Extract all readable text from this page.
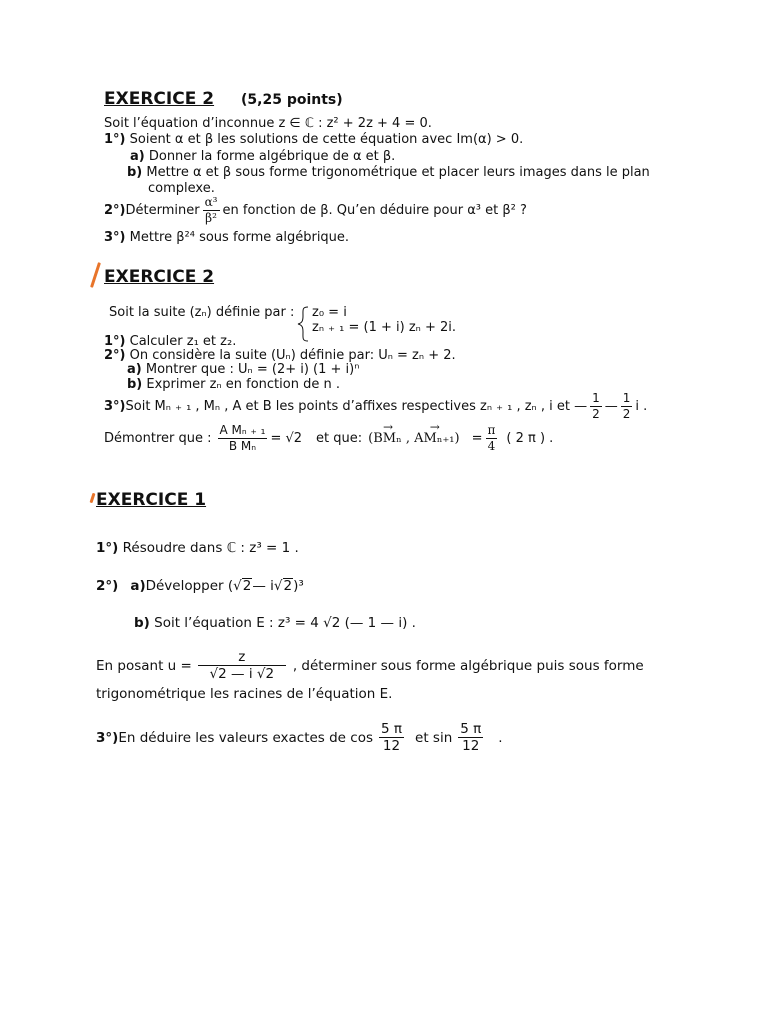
EXERCICE 2 (5,25 points)
Soit l’équation d’inconnue z ∈ ℂ : z² + 2z + 4 = 0.
1°) Soient α et β les solutions de cette équation avec Im(α) > 0.
a) Donner la forme algébrique de α et β.
b) Mettre α et β sous forme trigonométrique et placer leurs images dans le plan
complexe.
2°) Déterminer $\frac{\text{α³}}{\text{β²}}$ en fonction de β. Qu’en déduire pour α³ et β² ?
3°) Mettre β²⁴ sous forme algébrique.
EXERCICE 2
Soit la suite (zₙ) définie par : z₀ = i
zₙ ₊ ₁ = (1 + i) zₙ + 2i.
1°) Calculer z₁ et z₂.
2°) On considère la suite (Uₙ) définie par: Uₙ = zₙ + 2.
a) Montrer que : Uₙ = (2+ i) (1 + i)ⁿ
b) Exprimer zₙ en fonction de n .
3°) Soit Mₙ ₊ ₁ , Mₙ , A et B les points d’affixes respectives zₙ ₊ ₁ , zₙ , i et — $\frac{1}{2}$ — $\frac{1}{2}$ i .
Démontrer que : $\frac{\text{A Mₙ ₊ ₁}}{\text{B Mₙ}} = √2$ et que: (→ BMₙ , → $AM_{n+1}) = \frac{\pi}{4}$ ( 2 π ) .
EXERCICE 1
1°) Résoudre dans ℂ : z³ = 1 .
2°) a) Développer ( √ 2 — i √ 2 )³
b) Soit l’équation E : z³ = 4 √2 (— 1 — i) .
En posant $u = \frac{z}{√2 — i √2}$ , déterminer sous forme algébrique puis sous forme
trigonométrique les racines de l’équation E.
3°) En déduire les valeurs exactes de $\cos \frac{5 \pi}{12}$ et $\sin \frac{5 \pi}{12}$ .
